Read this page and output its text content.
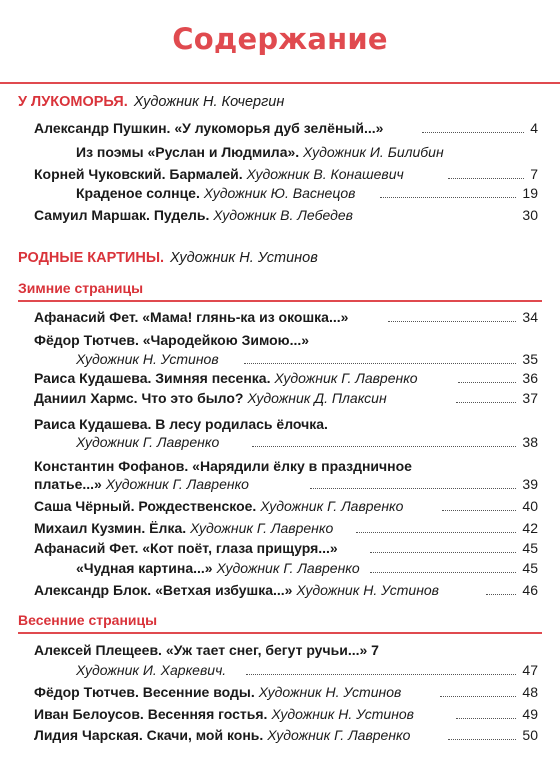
Содержание
У ЛУКОМОРЬЯ. Художник Н. Кочергин
РОДНЫЕ КАРТИНЫ. Художник Н. Устинов
Зимние страницы
Весенние страницы
Александр Пушкин. «У лукоморья дуб зелёный...»	4
Из поэмы «Руслан и Людмила». Художник И. Билибин
Корней Чуковский. Бармалей. Художник В. Конашевич	7
Краденое солнце. Художник Ю. Васнецов	19
Самуил Маршак. Пудель. Художник В. Лебедев	30
Афанасий Фет. «Мама! глянь-ка из окошка...»	34
Фёдор Тютчев. «Чародейкою Зимою...»
Художник Н. Устинов	35
Раиса Кудашева. Зимняя песенка. Художник Г. Лавренко	36
Даниил Хармс. Что это было? Художник Д. Плаксин	37
Раиса Кудашева. В лесу родилась ёлочка.
Художник Г. Лавренко	38
Константин Фофанов. «Нарядили ёлку в праздничное
платье...» Художник Г. Лавренко	39
Саша Чёрный. Рождественское. Художник Г. Лавренко	40
Михаил Кузмин. Ёлка. Художник Г. Лавренко	42
Афанасий Фет. «Кот поёт, глаза прищуря...»	45
«Чудная картина...» Художник Г. Лавренко	45
Александр Блок. «Ветхая избушка...» Художник Н. Устинов	46
Алексей Плещеев. «Уж тает снег, бегут ручьи...» 7
Художник И. Харкевич.	47
Фёдор Тютчев. Весенние воды. Художник Н. Устинов	48
Иван Белоусов. Весенняя гостья. Художник Н. Устинов	49
Лидия Чарская. Скачи, мой конь. Художник Г. Лавренко	50
